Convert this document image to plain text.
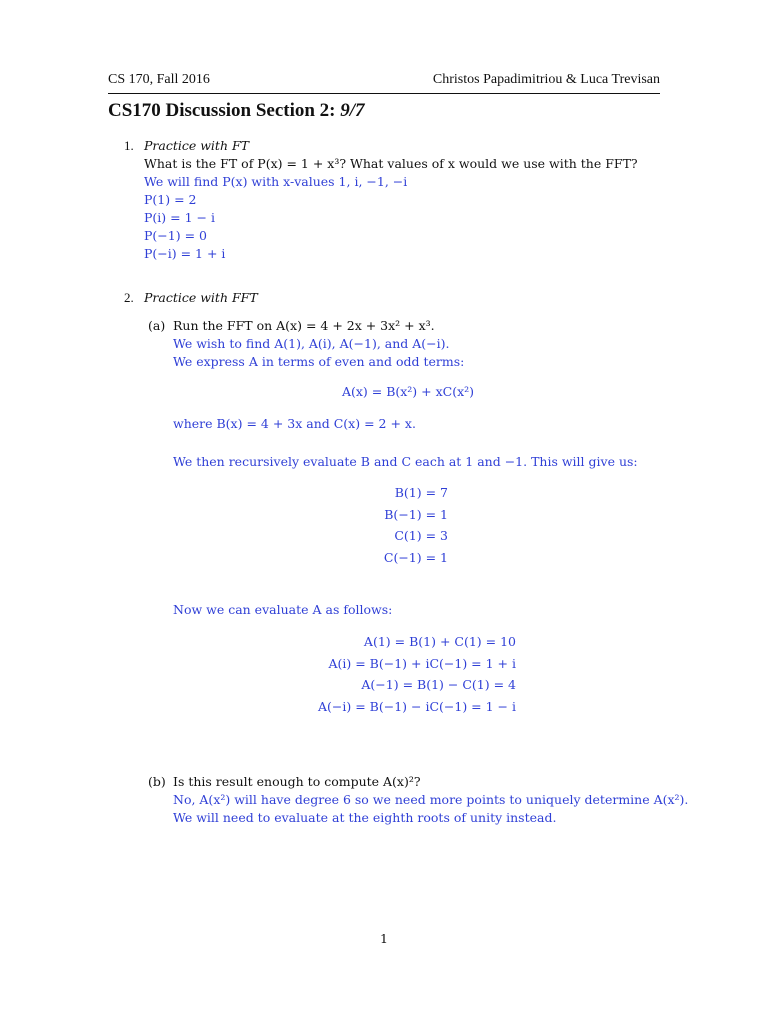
CS 170, Fall 2016	Christos Papadimitriou & Luca Trevisan
CS170 Discussion Section 2: 9/7
1. Practice with FT
What is the FT of P(x) = 1 + x³? What values of x would we use with the FFT?
We will find P(x) with x-values 1, i, −1, −i
P(1) = 2
P(i) = 1 − i
P(−1) = 0
P(−i) = 1 + i
2. Practice with FFT
(a) Run the FFT on A(x) = 4 + 2x + 3x² + x³.
We wish to find A(1), A(i), A(−1), and A(−i).
We express A in terms of even and odd terms:
A(x) = B(x²) + xC(x²)
where B(x) = 4 + 3x and C(x) = 2 + x.
We then recursively evaluate B and C each at 1 and −1. This will give us:
B(1) = 7
B(−1) = 1
C(1) = 3
C(−1) = 1
Now we can evaluate A as follows:
A(1) = B(1) + C(1) = 10
A(i) = B(−1) + iC(−1) = 1 + i
A(−1) = B(1) − C(1) = 4
A(−i) = B(−1) − iC(−1) = 1 − i
(b) Is this result enough to compute A(x)²?
No, A(x²) will have degree 6 so we need more points to uniquely determine A(x²).
We will need to evaluate at the eighth roots of unity instead.
1
